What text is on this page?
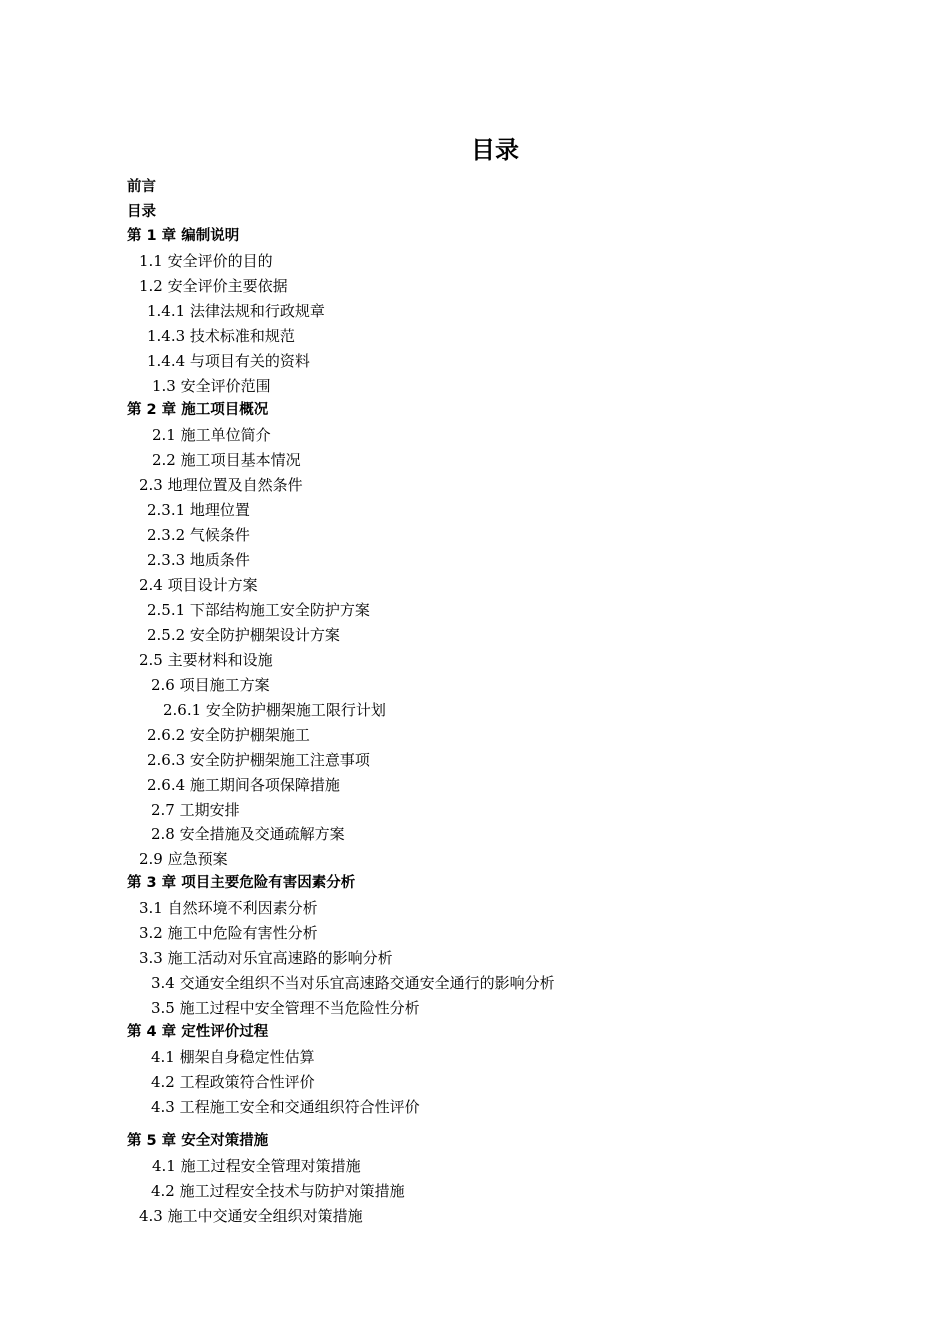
目录
前言
目录
第 1 章 编制说明
1.1 安全评价的目的
1.2 安全评价主要依据
1.4.1 法律法规和行政规章
1.4.3 技术标准和规范
1.4.4 与项目有关的资料
1.3 安全评价范围
第 2 章 施工项目概况
2.1 施工单位简介
2.2 施工项目基本情况
2.3 地理位置及自然条件
2.3.1 地理位置
2.3.2 气候条件
2.3.3 地质条件
2.4 项目设计方案
2.5.1 下部结构施工安全防护方案
2.5.2 安全防护棚架设计方案
2.5 主要材料和设施
2.6 项目施工方案
2.6.1 安全防护棚架施工限行计划
2.6.2 安全防护棚架施工
2.6.3 安全防护棚架施工注意事项
2.6.4 施工期间各项保障措施
2.7 工期安排
2.8 安全措施及交通疏解方案
2.9 应急预案
第 3 章 项目主要危险有害因素分析
3.1 自然环境不利因素分析
3.2 施工中危险有害性分析
3.3 施工活动对乐宜高速路的影响分析
3.4 交通安全组织不当对乐宜高速路交通安全通行的影响分析
3.5 施工过程中安全管理不当危险性分析
第 4 章 定性评价过程
4.1 棚架自身稳定性估算
4.2 工程政策符合性评价
4.3 工程施工安全和交通组织符合性评价
第 5 章 安全对策措施
4.1 施工过程安全管理对策措施
4.2 施工过程安全技术与防护对策措施
4.3 施工中交通安全组织对策措施
